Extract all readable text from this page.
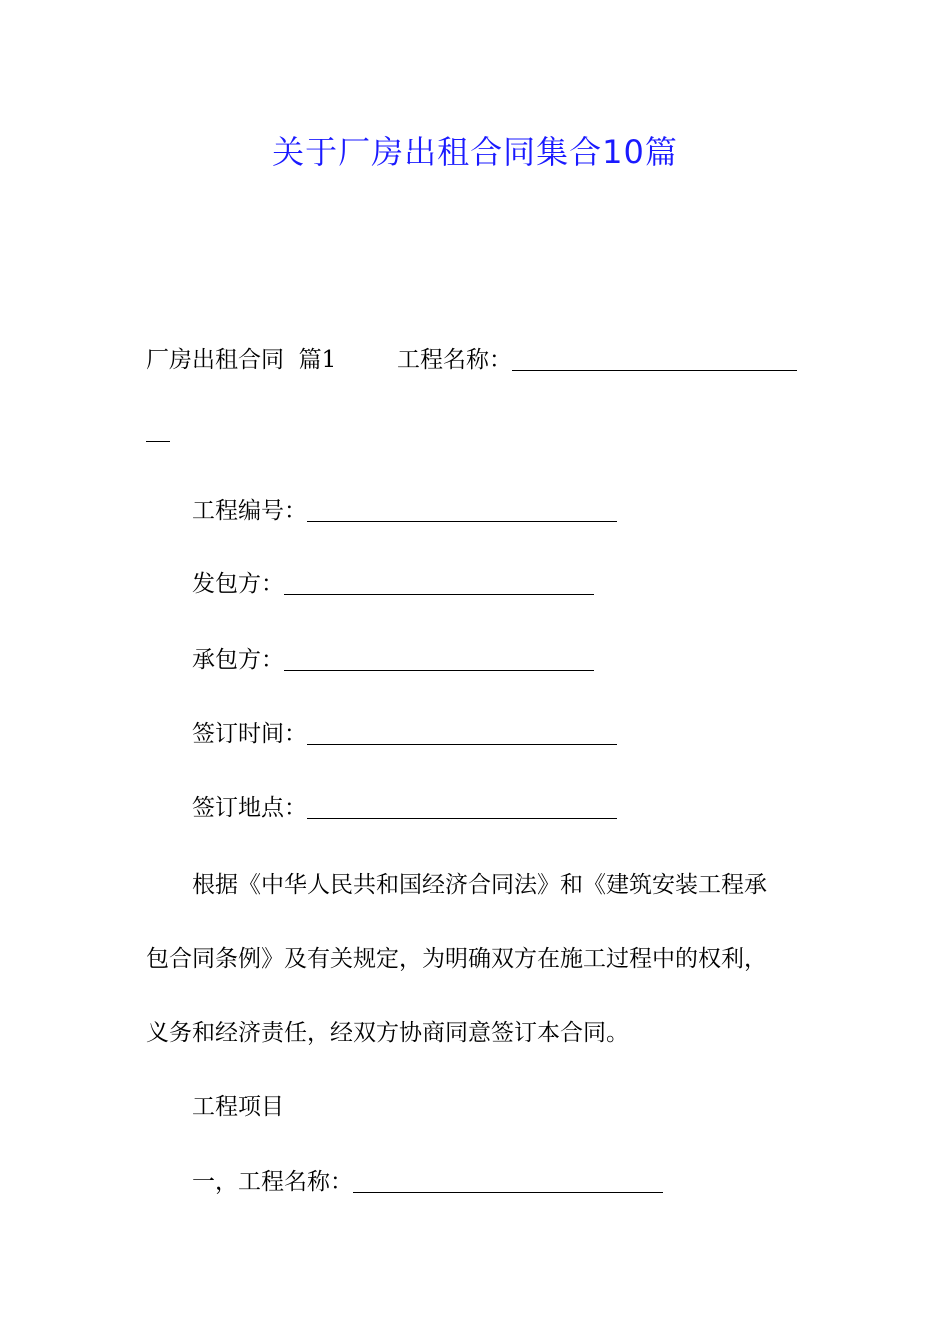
关于厂房出租合同集合10篇
厂房出租合同  篇1	工程名称：
工程编号：
发包方：
承包方：
签订时间：
签订地点：
根据《中华人民共和国经济合同法》和《建筑安装工程承
包合同条例》及有关规定，为明确双方在施工过程中的权利，
义务和经济责任，经双方协商同意签订本合同。
工程项目
一，工程名称：
